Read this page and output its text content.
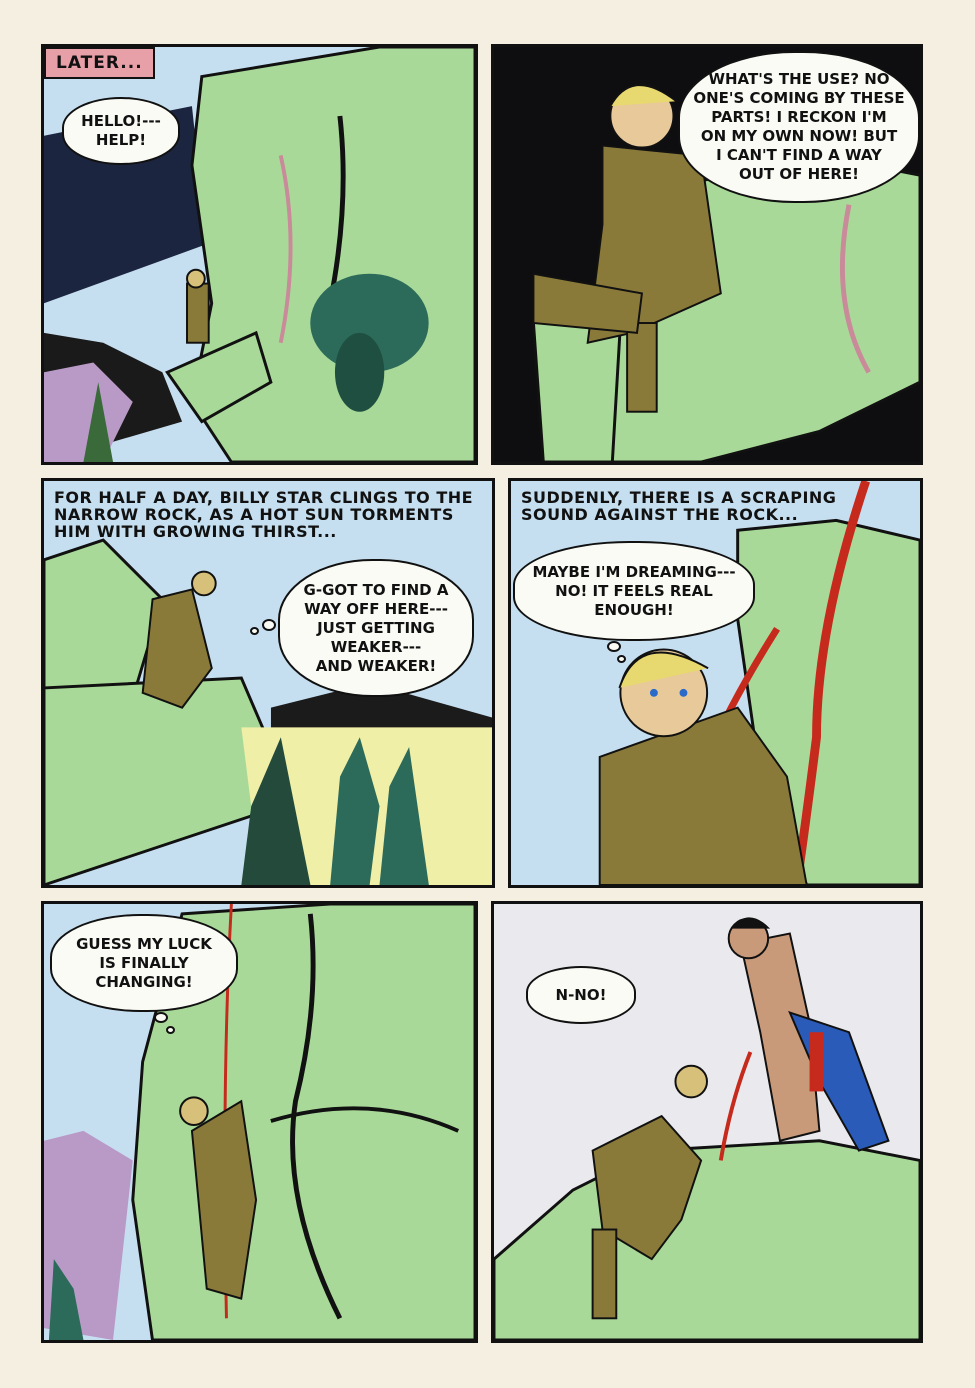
LATER...
HELLO!---
HELP!
WHAT'S THE USE? NO
ONE'S COMING BY THESE
PARTS! I RECKON I'M
ON MY OWN NOW! BUT
I CAN'T FIND A WAY
OUT OF HERE!
FOR HALF A DAY, BILLY STAR CLINGS TO THE
NARROW ROCK, AS A HOT SUN TORMENTS
HIM WITH GROWING THIRST...
G-GOT TO FIND A
WAY OFF HERE---
JUST GETTING
WEAKER---
AND WEAKER!
SUDDENLY, THERE IS A SCRAPING
SOUND AGAINST THE ROCK...
MAYBE I'M DREAMING---
NO! IT FEELS REAL
ENOUGH!
GUESS MY LUCK
IS FINALLY
CHANGING!
N-NO!
